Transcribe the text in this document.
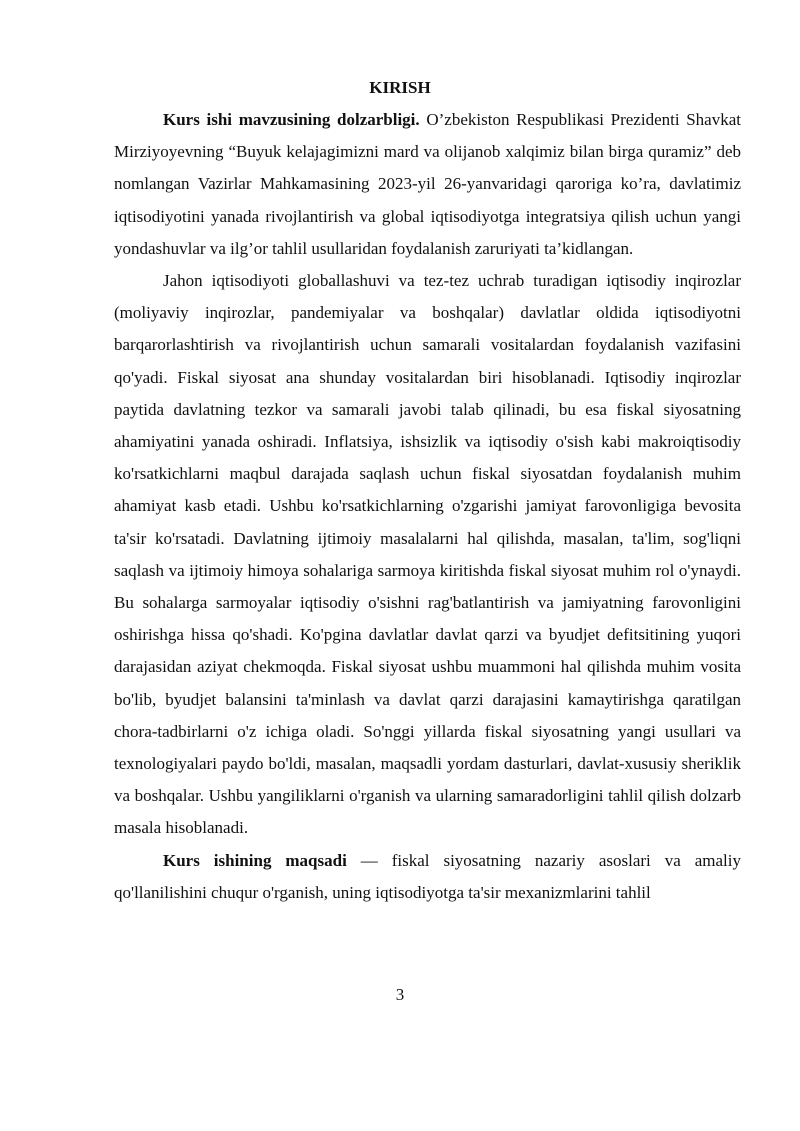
KIRISH

Kurs ishi mavzusining dolzarbligi. O’zbekiston Respublikasi Prezidenti Shavkat Mirziyoyevning “Buyuk kelajagimizni mard va olijanob xalqimiz bilan birga quramiz” deb nomlangan Vazirlar Mahkamasining 2023-yil 26-yanvaridagi qaroriga ko’ra, davlatimiz iqtisodiyotini yanada rivojlantirish va global iqtisodiyotga integratsiya qilish uchun yangi yondashuvlar va ilg’or tahlil usullaridan foydalanish zaruriyati ta’kidlangan.

Jahon iqtisodiyoti globallashuvi va tez-tez uchrab turadigan iqtisodiy inqirozlar (moliyaviy inqirozlar, pandemiyalar va boshqalar) davlatlar oldida iqtisodiyotni barqarorlashtirish va rivojlantirish uchun samarali vositalardan foydalanish vazifasini qo'yadi. Fiskal siyosat ana shunday vositalardan biri hisoblanadi. Iqtisodiy inqirozlar paytida davlatning tezkor va samarali javobi talab qilinadi, bu esa fiskal siyosatning ahamiyatini yanada oshiradi. Inflatsiya, ishsizlik va iqtisodiy o'sish kabi makroiqtisodiy ko'rsatkichlarni maqbul darajada saqlash uchun fiskal siyosatdan foydalanish muhim ahamiyat kasb etadi. Ushbu ko'rsatkichlarning o'zgarishi jamiyat farovonligiga bevosita ta'sir ko'rsatadi. Davlatning ijtimoiy masalalarni hal qilishda, masalan, ta'lim, sog'liqni saqlash va ijtimoiy himoya sohalariga sarmoya kiritishda fiskal siyosat muhim rol o'ynaydi. Bu sohalarga sarmoyalar iqtisodiy o'sishni rag'batlantirish va jamiyatning farovonligini oshirishga hissa qo'shadi. Ko'pgina davlatlar davlat qarzi va byudjet defitsitining yuqori darajasidan aziyat chekmoqda. Fiskal siyosat ushbu muammoni hal qilishda muhim vosita bo'lib, byudjet balansini ta'minlash va davlat qarzi darajasini kamaytirishga qaratilgan chora-tadbirlarni o'z ichiga oladi. So'nggi yillarda fiskal siyosatning yangi usullari va texnologiyalari paydo bo'ldi, masalan, maqsadli yordam dasturlari, davlat-xususiy sheriklik va boshqalar. Ushbu yangiliklarni o'rganish va ularning samaradorligini tahlil qilish dolzarb masala hisoblanadi.

Kurs ishining maqsadi — fiskal siyosatning nazariy asoslari va amaliy qo'llanilishini chuqur o'rganish, uning iqtisodiyotga ta'sir mexanizmlarini tahlil

3
